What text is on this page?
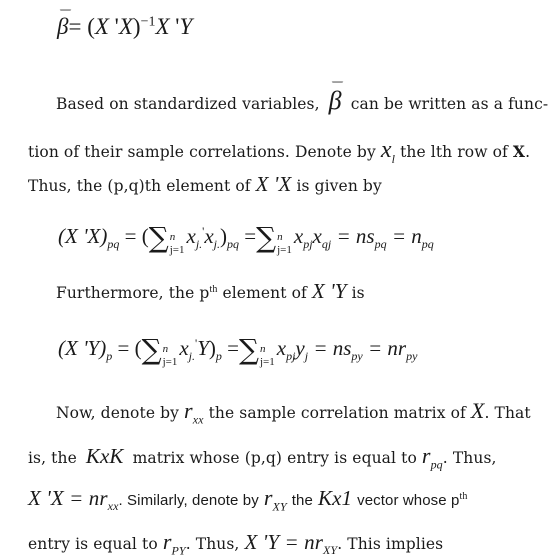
β= (X 'X)$^{-1}$X 'Y
Based on standardized variables, β can be written as a func-
tion of their sample correlations. Denote by $x_l$ the lth row of X.
Thus, the (p,q)th element of X 'X is given by
(X '$X)_{pq}$ = (∑ n
j=1
$x_{j.}'x_{j.})_{pq}$ =∑ n
j=1
$x_{pj}x_{qj} = ns_{pq} = n_{pq}$
Furthermore, the $p^{th}$ element of X 'Y is
(X '$Y)_p$ = (∑ n
j=1
$x_{j.}'Y)_p$ =∑ n
j=1
$x_{pj}y_j = ns_{py} = nr_{py}$
Now, denote by $r_{xx}$ the sample correlation matrix of X. That
is, the KxK matrix whose (p,q) entry is equal to $r_{pq}$. Thus,
X '$X = nr_{xx}$. Similarly, denote by $r_{XY}$ the Kx1 vector whose $p^{th}$
entry is equal to $r_{PY}$. Thus, X '$Y = nr_{XY}$. This implies
